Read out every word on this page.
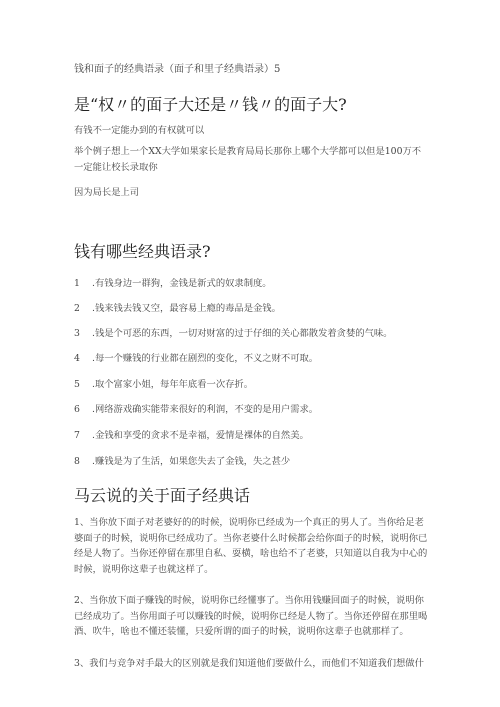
钱和面子的经典语录（面子和里子经典语录）5
是“权〃的面子大还是〃钱〃的面子大?
有钱不一定能办到的有权就可以
举个例子想上一个XX大学如果家长是教育局局长那你上哪个大学都可以但是100万不一定能让校长录取你
因为局长是上司
钱有哪些经典语录?
1 .有钱身边一群狗，金钱是新式的奴隶制度。
2 .钱来钱去钱又空，最容易上瘾的毒品是金钱。
3 .钱是个可恶的东西，一切对财富的过于仔细的关心都散发着贪婪的气味。
4 .每一个赚钱的行业都在剧烈的变化，不义之财不可取。
5 .取个富家小姐，每年年底看一次存折。
6 .网络游戏确实能带来很好的利润，不变的是用户需求。
7 .金钱和享受的贪求不是幸福，爱情是裸体的自然美。
8 .赚钱是为了生活，如果您失去了金钱，失之甚少
马云说的关于面子经典话
1、当你放下面子对老婆好的的时候，说明你已经成为一个真正的男人了。当你给足老婆面子的时候，说明你已经成功了。当你老婆什么时候都会给你面子的时候，说明你已经是人物了。当你还停留在那里自私、耍横，啥也给不了老婆，只知道以自我为中心的时候，说明你这辈子也就这样了。
2、当你放下面子赚钱的时候，说明你已经懂事了。当你用钱赚回面子的时候，说明你已经成功了。当你用面子可以赚钱的时候，说明你已经是人物了。当你还停留在那里喝酒、吹牛，啥也不懂还装懂，只爱所谓的面子的时候，说明你这辈子也就那样了。
3、我们与竞争对手最大的区别就是我们知道他们要做什么，而他们不知道我们想做什
